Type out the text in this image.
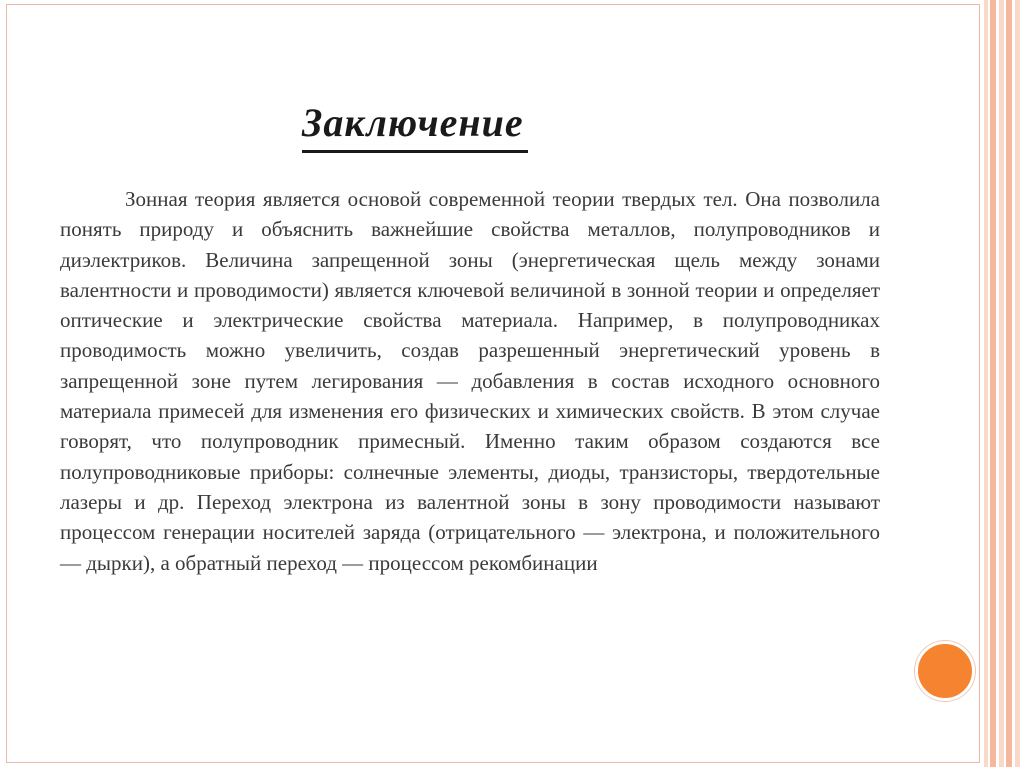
Заключение

Зонная теория является основой современной теории твердых тел. Она позволила понять природу и объяснить важнейшие свойства металлов, полупроводников и диэлектриков. Величина запрещенной зоны (энергетическая щель между зонами валентности и проводимости) является ключевой величиной в зонной теории и определяет оптические и электрические свойства материала. Например, в полупроводниках проводимость можно увеличить, создав разрешенный энергетический уровень в запрещенной зоне путем легирования — добавления в состав исходного основного материала примесей для изменения его физических и химических свойств. В этом случае говорят, что полупроводник примесный. Именно таким образом создаются все полупроводниковые приборы: солнечные элементы, диоды, транзисторы, твердотельные лазеры и др. Переход электрона из валентной зоны в зону проводимости называют процессом генерации носителей заряда (отрицательного — электрона, и положительного — дырки), а обратный переход — процессом рекомбинации
